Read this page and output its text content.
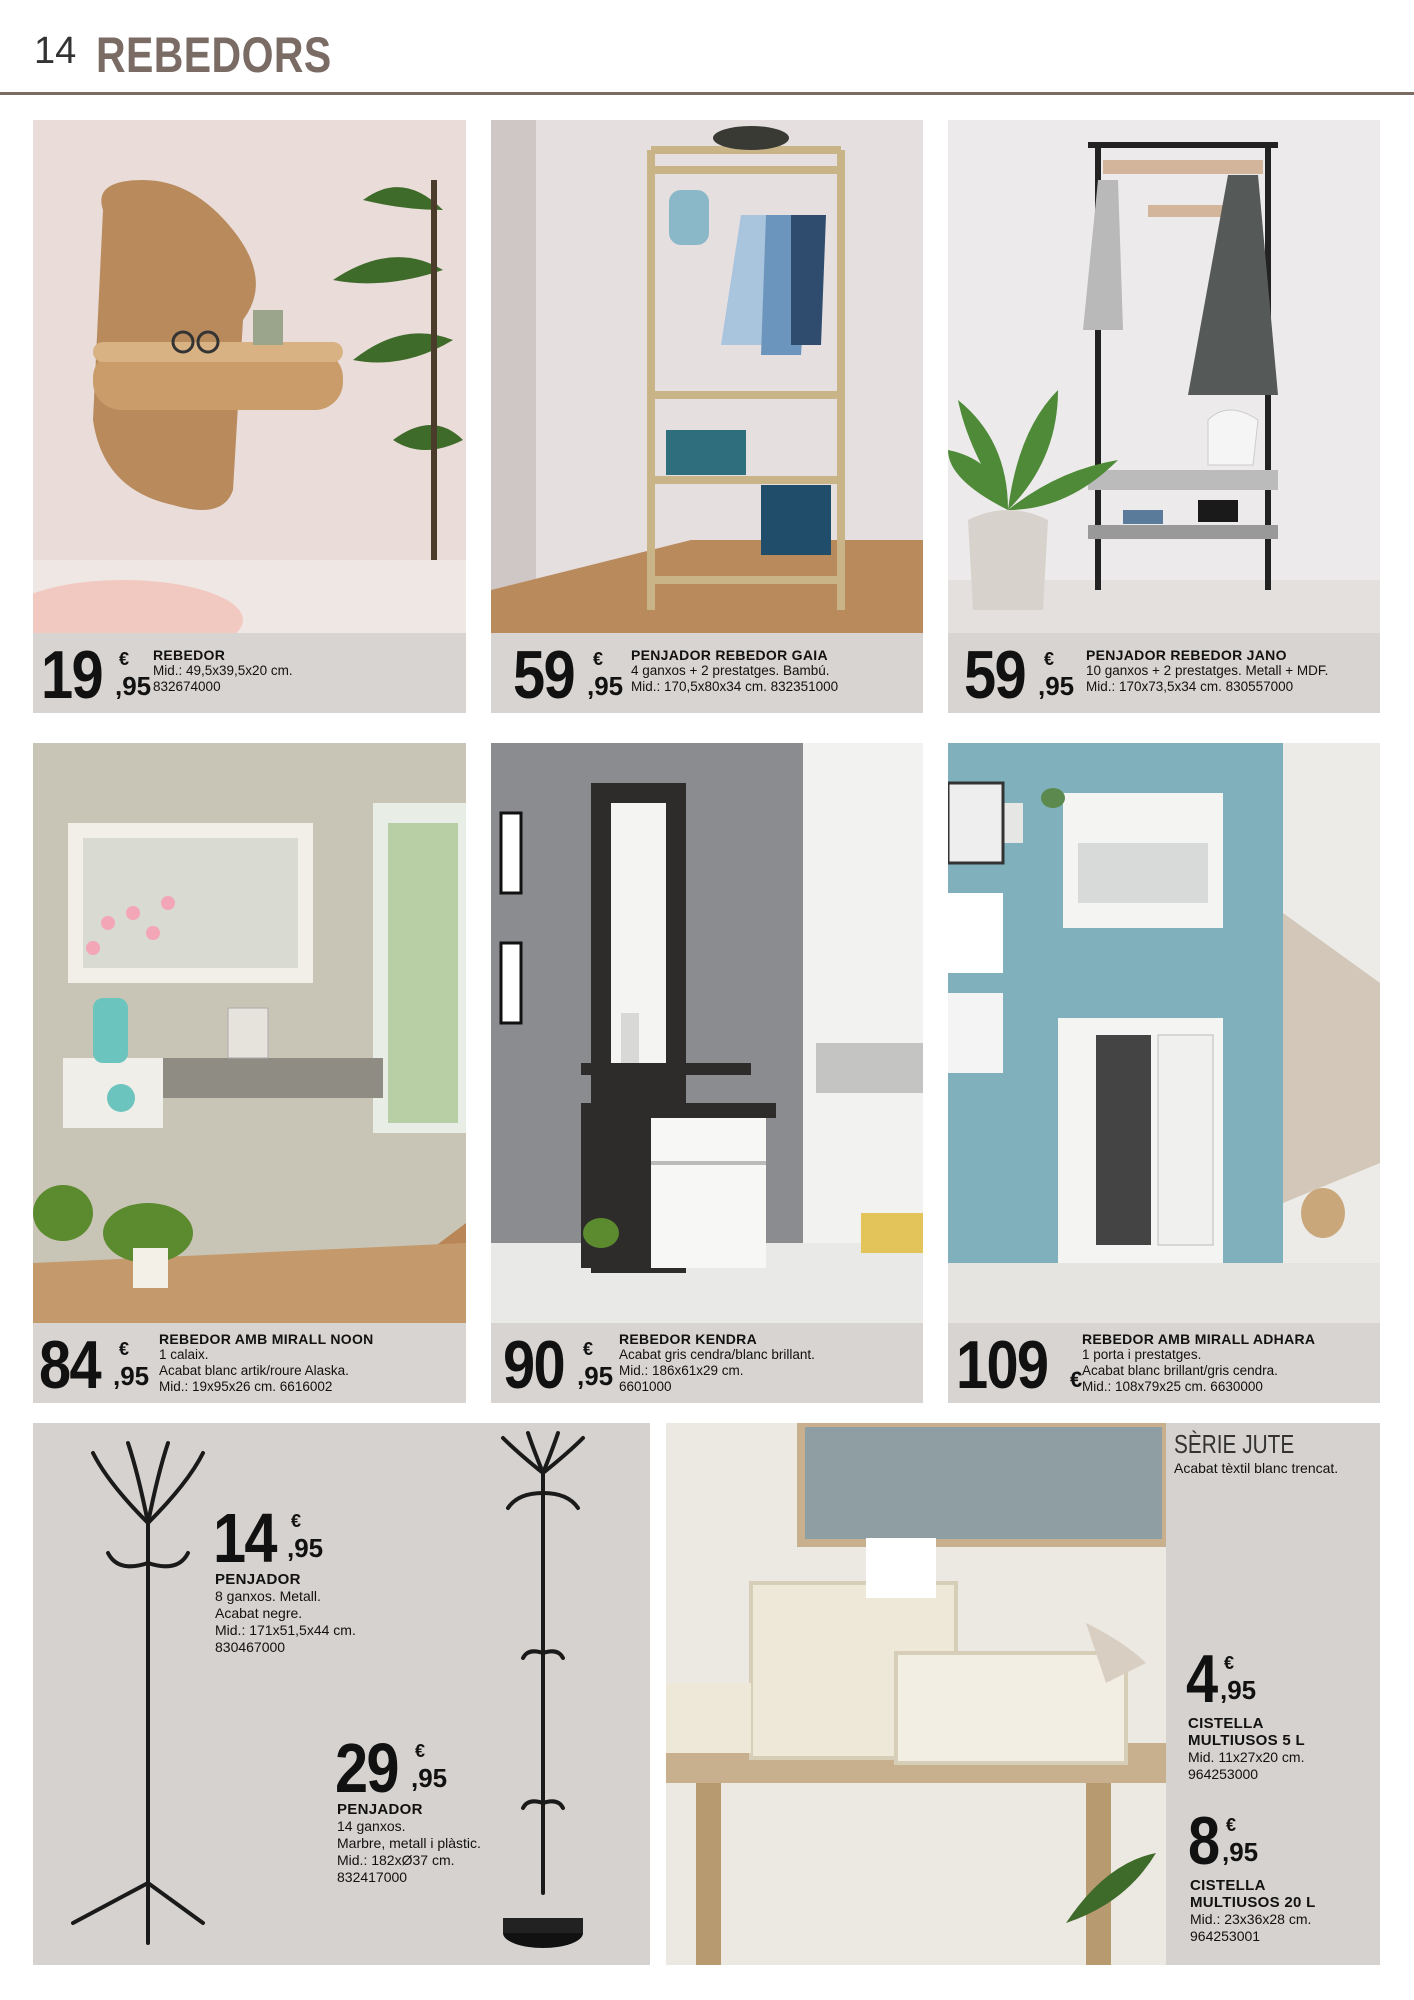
14 REBEDORS
19 €
,95
REBEDOR
Mid.: 49,5x39,5x20 cm.
832674000	59 €
,95
PENJADOR REBEDOR GAIA
4 ganxos + 2 prestatges. Bambú.
Mid.: 170,5x80x34 cm. 832351000 59 €
,95
PENJADOR REBEDOR JANO
10 ganxos + 2 prestatges. Metall + MDF.
Mid.: 170x73,5x34 cm. 830557000
84 €
,95
REBEDOR AMB MIRALL NOON
1 calaix.
Acabat blanc artik/roure Alaska.
Mid.: 19x95x26 cm. 6616002	90 €
,95
REBEDOR KENDRA
Acabat gris cendra/blanc brillant.
Mid.: 186x61x29 cm.
6601000	109 €
REBEDOR AMB MIRALL ADHARA
1 porta i prestatges.
Acabat blanc brillant/gris cendra.
Mid.: 108x79x25 cm. 6630000
14 €
,95
PENJADOR
8 ganxos. Metall.
Acabat negre.
Mid.: 171x51,5x44 cm.
830467000
29 €
,95
PENJADOR
14 ganxos.
Marbre, metall i plàstic.
Mid.: 182xØ37 cm.
832417000
SÈRIE JUTE
Acabat tèxtil blanc trencat.
4 €
,95
CISTELLA
MULTIUSOS 5 L
Mid. 11x27x20 cm.
964253000
8 €
,95
CISTELLA
MULTIUSOS 20 L
Mid.: 23x36x28 cm.
964253001
